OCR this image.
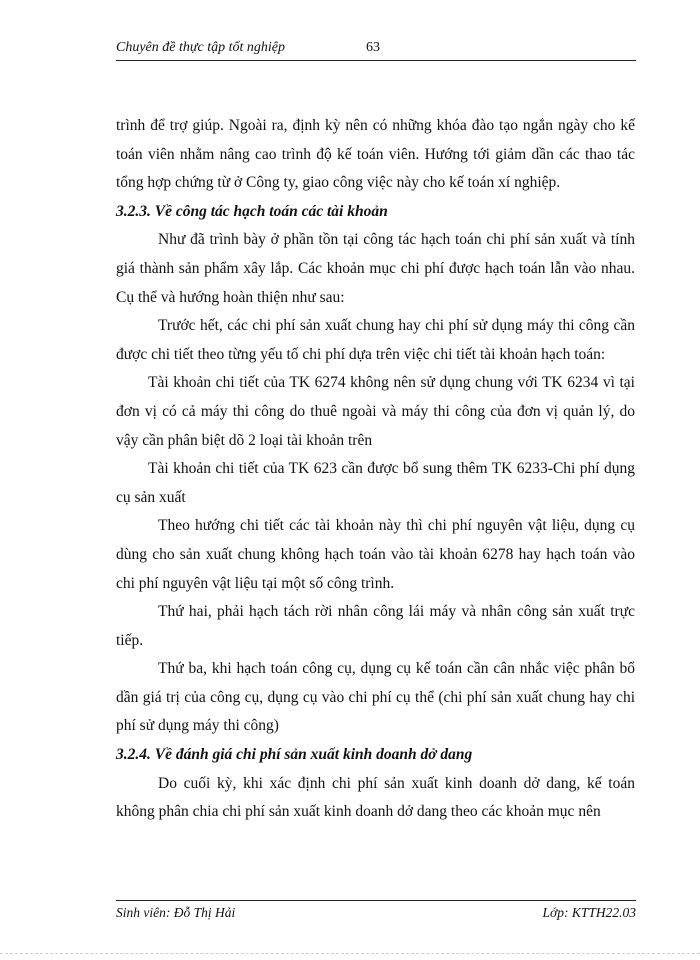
Chuyên đề thực tập tốt nghiệp	63

trình để trợ giúp. Ngoài ra, định kỳ nên có những khóa đào tạo ngắn ngày cho kế toán viên nhằm nâng cao trình độ kế toán viên. Hướng tới giảm dần các thao tác tổng hợp chứng từ ở Công ty, giao công việc này cho kế toán xí nghiệp.

3.2.3. Về công tác hạch toán các tài khoản

Như đã trình bày ở phần tồn tại công tác hạch toán chi phí sản xuất và tính giá thành sản phẩm xây lắp. Các khoản mục chi phí được hạch toán lẫn vào nhau. Cụ thể và hướng hoàn thiện như sau:

Trước hết, các chi phí sản xuất chung hay chi phí sử dụng máy thi công cần được chi tiết theo từng yếu tố chi phí dựa trên việc chi tiết tài khoản hạch toán:

Tài khoản chi tiết của TK 6274 không nên sử dụng chung với TK 6234 vì tại đơn vị có cả máy thi công do thuê ngoài và máy thi công của đơn vị quản lý, do vậy cần phân biệt dõ 2 loại tài khoản trên

Tài khoản chi tiết của TK 623 cần được bổ sung thêm TK 6233-Chi phí dụng cụ sản xuất

Theo hướng chi tiết các tài khoản này thì chi phí nguyên vật liệu, dụng cụ dùng cho sản xuất chung không hạch toán vào tài khoản 6278 hay hạch toán vào chi phí nguyên vật liệu tại một số công trình.

Thứ hai, phải hạch tách rời nhân công lái máy và nhân công sản xuất trực tiếp.

Thứ ba, khi hạch toán công cụ, dụng cụ kế toán cần cân nhắc việc phân bổ dần giá trị của công cụ, dụng cụ vào chi phí cụ thể (chi phí sản xuất chung hay chi phí sử dụng máy thi công)

3.2.4. Về đánh giá chi phí sản xuất kinh doanh dở dang

Do cuối kỳ, khi xác định chi phí sản xuất kinh doanh dở dang, kế toán không phân chia chi phí sản xuất kinh doanh dở dang theo các khoản mục nên

Sinh viên: Đỗ Thị Hải	Lớp: KTTH22.03
